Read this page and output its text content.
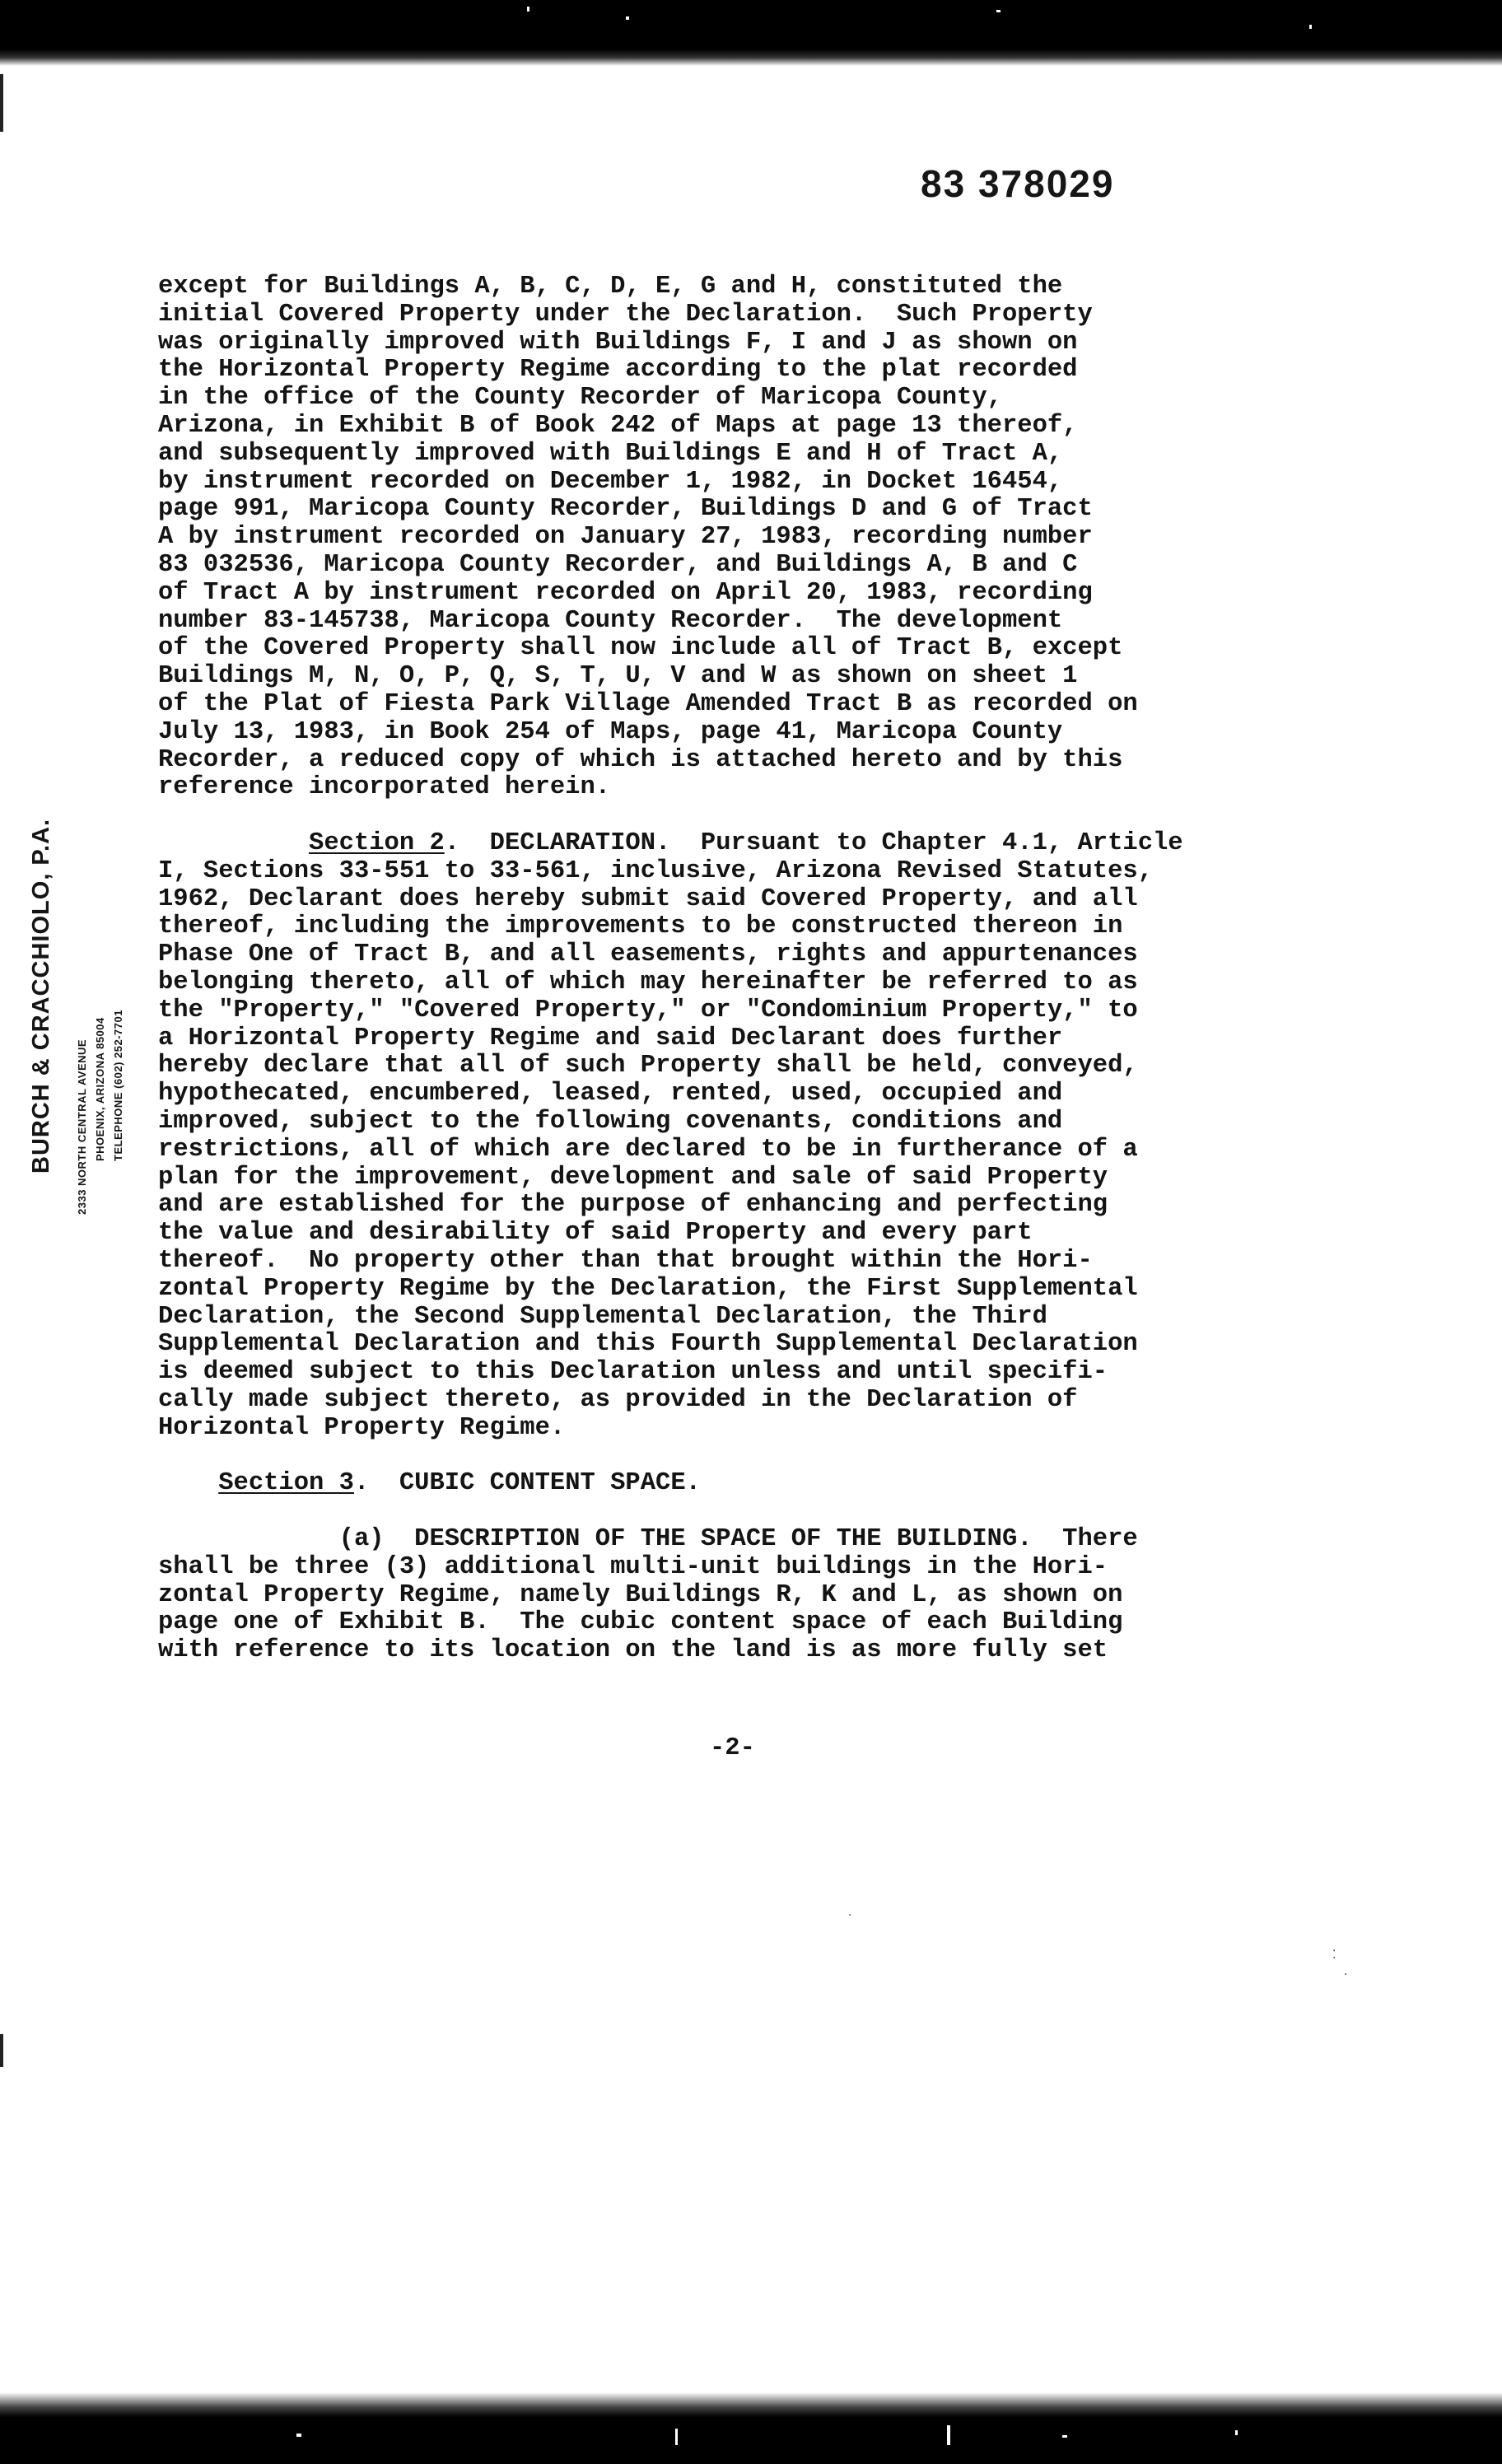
83 378029
BURCH & CRACCHIOLO, P.A. 2333 NORTH CENTRAL AVENUE PHOENIX, ARIZONA 85004 TELEPHONE (602) 252-7701
except for Buildings A, B, C, D, E, G and H, constituted the
initial Covered Property under the Declaration.  Such Property
was originally improved with Buildings F, I and J as shown on
the Horizontal Property Regime according to the plat recorded
in the office of the County Recorder of Maricopa County,
Arizona, in Exhibit B of Book 242 of Maps at page 13 thereof,
and subsequently improved with Buildings E and H of Tract A,
by instrument recorded on December 1, 1982, in Docket 16454,
page 991, Maricopa County Recorder, Buildings D and G of Tract
A by instrument recorded on January 27, 1983, recording number
83 032536, Maricopa County Recorder, and Buildings A, B and C
of Tract A by instrument recorded on April 20, 1983, recording
number 83-145738, Maricopa County Recorder.  The development
of the Covered Property shall now include all of Tract B, except
Buildings M, N, O, P, Q, S, T, U, V and W as shown on sheet 1
of the Plat of Fiesta Park Village Amended Tract B as recorded on
July 13, 1983, in Book 254 of Maps, page 41, Maricopa County
Recorder, a reduced copy of which is attached hereto and by this
reference incorporated herein.
Section 2.  DECLARATION.  Pursuant to Chapter 4.1, Article
I, Sections 33-551 to 33-561, inclusive, Arizona Revised Statutes,
1962, Declarant does hereby submit said Covered Property, and all
thereof, including the improvements to be constructed thereon in
Phase One of Tract B, and all easements, rights and appurtenances
belonging thereto, all of which may hereinafter be referred to as
the "Property," "Covered Property," or "Condominium Property," to
a Horizontal Property Regime and said Declarant does further
hereby declare that all of such Property shall be held, conveyed,
hypothecated, encumbered, leased, rented, used, occupied and
improved, subject to the following covenants, conditions and
restrictions, all of which are declared to be in furtherance of a
plan for the improvement, development and sale of said Property
and are established for the purpose of enhancing and perfecting
the value and desirability of said Property and every part
thereof.  No property other than that brought within the Hori-
zontal Property Regime by the Declaration, the First Supplemental
Declaration, the Second Supplemental Declaration, the Third
Supplemental Declaration and this Fourth Supplemental Declaration
is deemed subject to this Declaration unless and until specifi-
cally made subject thereto, as provided in the Declaration of
Horizontal Property Regime.
Section 3.  CUBIC CONTENT SPACE.
(a)  DESCRIPTION OF THE SPACE OF THE BUILDING.  There
shall be three (3) additional multi-unit buildings in the Hori-
zontal Property Regime, namely Buildings R, K and L, as shown on
page one of Exhibit B.  The cubic content space of each Building
with reference to its location on the land is as more fully set
-2-
⁚
·
·
